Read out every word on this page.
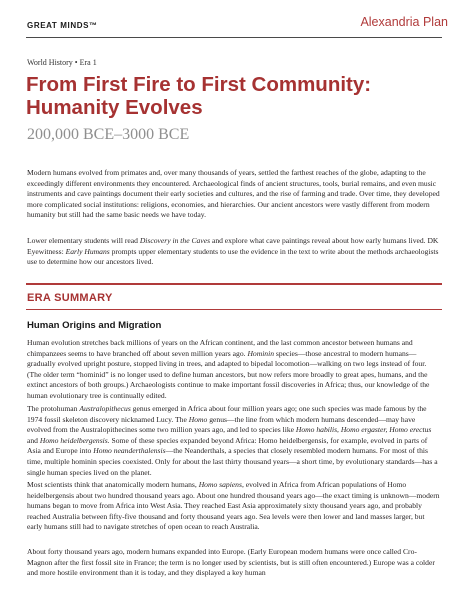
GREAT MINDS™	Alexandria Plan
World History • Era 1
From First Fire to First Community:
Humanity Evolves
200,000 BCE–3000 BCE

Modern humans evolved from primates and, over many thousands of years, settled the farthest reaches of the globe, adapting to the exceedingly different environments they encountered. Archaeological finds of ancient structures, tools, burial remains, and even music instruments and cave paintings document their early societies and cultures, and the rise of farming and trade. Over time, they developed more complicated social institutions: religions, economies, and hierarchies. Our ancient ancestors were vastly different from modern humanity but still had the same basic needs we have today.

Lower elementary students will read Discovery in the Caves and explore what cave paintings reveal about how early humans lived. DK Eyewitness: Early Humans prompts upper elementary students to use the evidence in the text to write about the methods archaeologists use to determine how our ancestors lived.

ERA SUMMARY
Human Origins and Migration

Human evolution stretches back millions of years on the African continent, and the last common ancestor between humans and chimpanzees seems to have branched off about seven million years ago. Hominin species—those ancestral to modern humans—gradually evolved upright posture, stopped living in trees, and adapted to bipedal locomotion—walking on two legs instead of four. (The older term “hominid” is no longer used to define human ancestors, but now refers more broadly to great apes, humans, and the extinct ancestors of both groups.) Archaeologists continue to make important fossil discoveries in Africa; thus, our knowledge of the human evolutionary tree is continually edited.

The protohuman Australopithecus genus emerged in Africa about four million years ago; one such species was made famous by the 1974 fossil skeleton discovery nicknamed Lucy. The Homo genus—the line from which modern humans descended—may have evolved from the Australopithecines some two million years ago, and led to species like Homo habilis, Homo ergaster, Homo erectus and Homo heidelbergensis. Some of these species expanded beyond Africa: Homo heidelbergensis, for example, evolved in parts of Asia and Europe into Homo neanderthalensis—the Neanderthals, a species that closely resembled modern humans. For most of this time, multiple hominin species coexisted. Only for about the last thirty thousand years—a short time, by evolutionary standards—has a single human species lived on the planet.

Most scientists think that anatomically modern humans, Homo sapiens, evolved in Africa from African populations of Homo heidelbergensis about two hundred thousand years ago. About one hundred thousand years ago—the exact timing is unknown—modern humans began to move from Africa into West Asia. They reached East Asia approximately sixty thousand years ago, and probably reached Australia between fifty-five thousand and forty thousand years ago. Sea levels were then lower and land masses larger, but early humans still had to navigate stretches of open ocean to reach Australia.

About forty thousand years ago, modern humans expanded into Europe. (Early European modern humans were once called Cro-Magnon after the first fossil site in France; the term is no longer used by scientists, but is still often encountered.) Europe was a colder and more hostile environment than it is today, and they displayed a key human
